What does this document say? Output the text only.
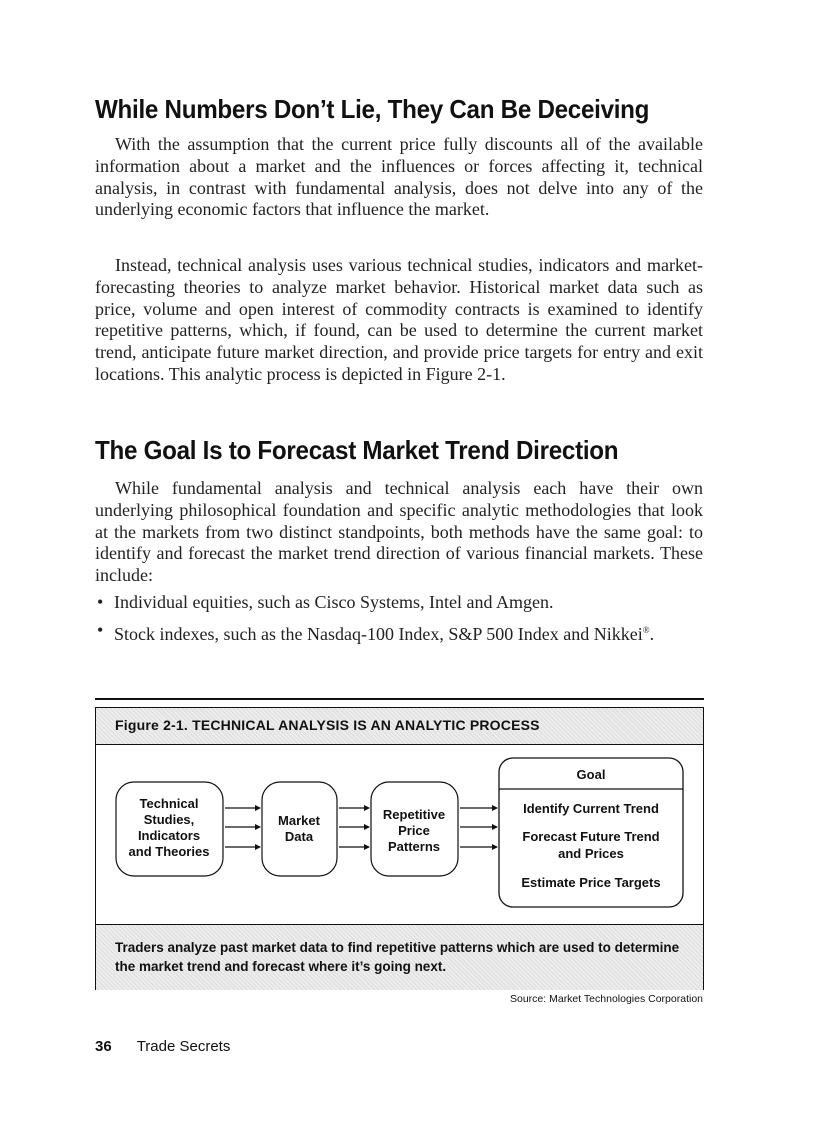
While Numbers Don’t Lie, They Can Be Deceiving

With the assumption that the current price fully discounts all of the available information about a market and the influences or forces affecting it, technical analysis, in contrast with fundamental analysis, does not delve into any of the underlying economic factors that influence the market.

Instead, technical analysis uses various technical studies, indicators and market-forecasting theories to analyze market behavior. Historical market data such as price, volume and open interest of commodity contracts is examined to identify repetitive patterns, which, if found, can be used to determine the current market trend, anticipate future market direction, and provide price targets for entry and exit locations. This analytic process is depicted in Figure 2-1.

The Goal Is to Forecast Market Trend Direction

While fundamental analysis and technical analysis each have their own underlying philosophical foundation and specific analytic methodologies that look at the markets from two distinct standpoints, both methods have the same goal: to identify and forecast the market trend direction of various financial markets. These include:

• Individual equities, such as Cisco Systems, Intel and Amgen.
• Stock indexes, such as the Nasdaq-100 Index, S&P 500 Index and Nikkei®.

Figure 2-1. TECHNICAL ANALYSIS IS AN ANALYTIC PROCESS

Technical
Studies,
Indicators
and Theories
Market
Data
Repetitive
Price
Patterns
Goal
Identify Current Trend
Forecast Future Trend
and Prices
Estimate Price Targets

Traders analyze past market data to find repetitive patterns which are used to determine the market trend and forecast where it’s going next.

Source: Market Technologies Corporation
36 Trade Secrets
